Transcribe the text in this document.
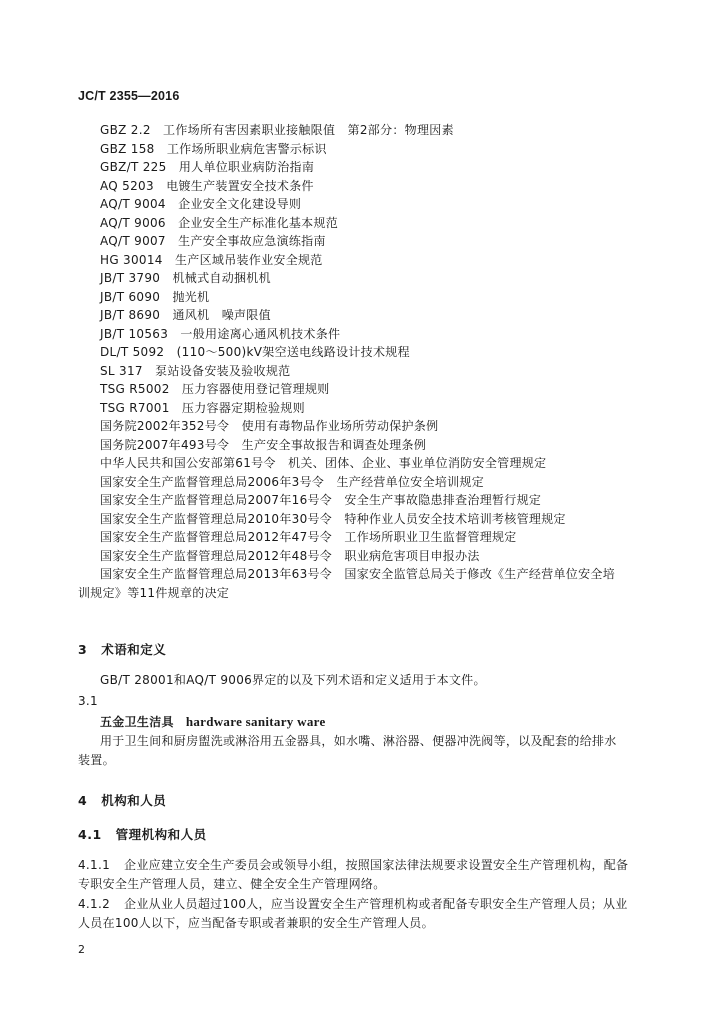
JC/T 2355—2016
GBZ 2.2　工作场所有害因素职业接触限值　第2部分：物理因素
GBZ 158　工作场所职业病危害警示标识
GBZ/T 225　用人单位职业病防治指南
AQ 5203　电镀生产装置安全技术条件
AQ/T 9004　企业安全文化建设导则
AQ/T 9006　企业安全生产标准化基本规范
AQ/T 9007　生产安全事故应急演练指南
HG 30014　生产区域吊装作业安全规范
JB/T 3790　机械式自动捆机机
JB/T 6090　抛光机
JB/T 8690　通风机　噪声限值
JB/T 10563　一般用途离心通风机技术条件
DL/T 5092　(110～500)kV架空送电线路设计技术规程
SL 317　泵站设备安装及验收规范
TSG R5002　压力容器使用登记管理规则
TSG R7001　压力容器定期检验规则
国务院2002年352号令　使用有毒物品作业场所劳动保护条例
国务院2007年493号令　生产安全事故报告和调查处理条例
中华人民共和国公安部第61号令　机关、团体、企业、事业单位消防安全管理规定
国家安全生产监督管理总局2006年3号令　生产经营单位安全培训规定
国家安全生产监督管理总局2007年16号令　安全生产事故隐患排查治理暂行规定
国家安全生产监督管理总局2010年30号令　特种作业人员安全技术培训考核管理规定
国家安全生产监督管理总局2012年47号令　工作场所职业卫生监督管理规定
国家安全生产监督管理总局2012年48号令　职业病危害项目申报办法
国家安全生产监督管理总局2013年63号令　国家安全监管总局关于修改《生产经营单位安全培
训规定》等11件规章的决定
3 术语和定义
GB/T 28001和AQ/T 9006界定的以及下列术语和定义适用于本文件。
3.1
五金卫生洁具 hardware sanitary ware
用于卫生间和厨房盥洗或淋浴用五金器具，如水嘴、淋浴器、便器冲洗阀等，以及配套的给排水
装置。
4 机构和人员
4.1 管理机构和人员
4.1.1 企业应建立安全生产委员会或领导小组，按照国家法律法规要求设置安全生产管理机构，配备
专职安全生产管理人员，建立、健全安全生产管理网络。
4.1.2 企业从业人员超过100人，应当设置安全生产管理机构或者配备专职安全生产管理人员；从业
人员在100人以下，应当配备专职或者兼职的安全生产管理人员。
2
